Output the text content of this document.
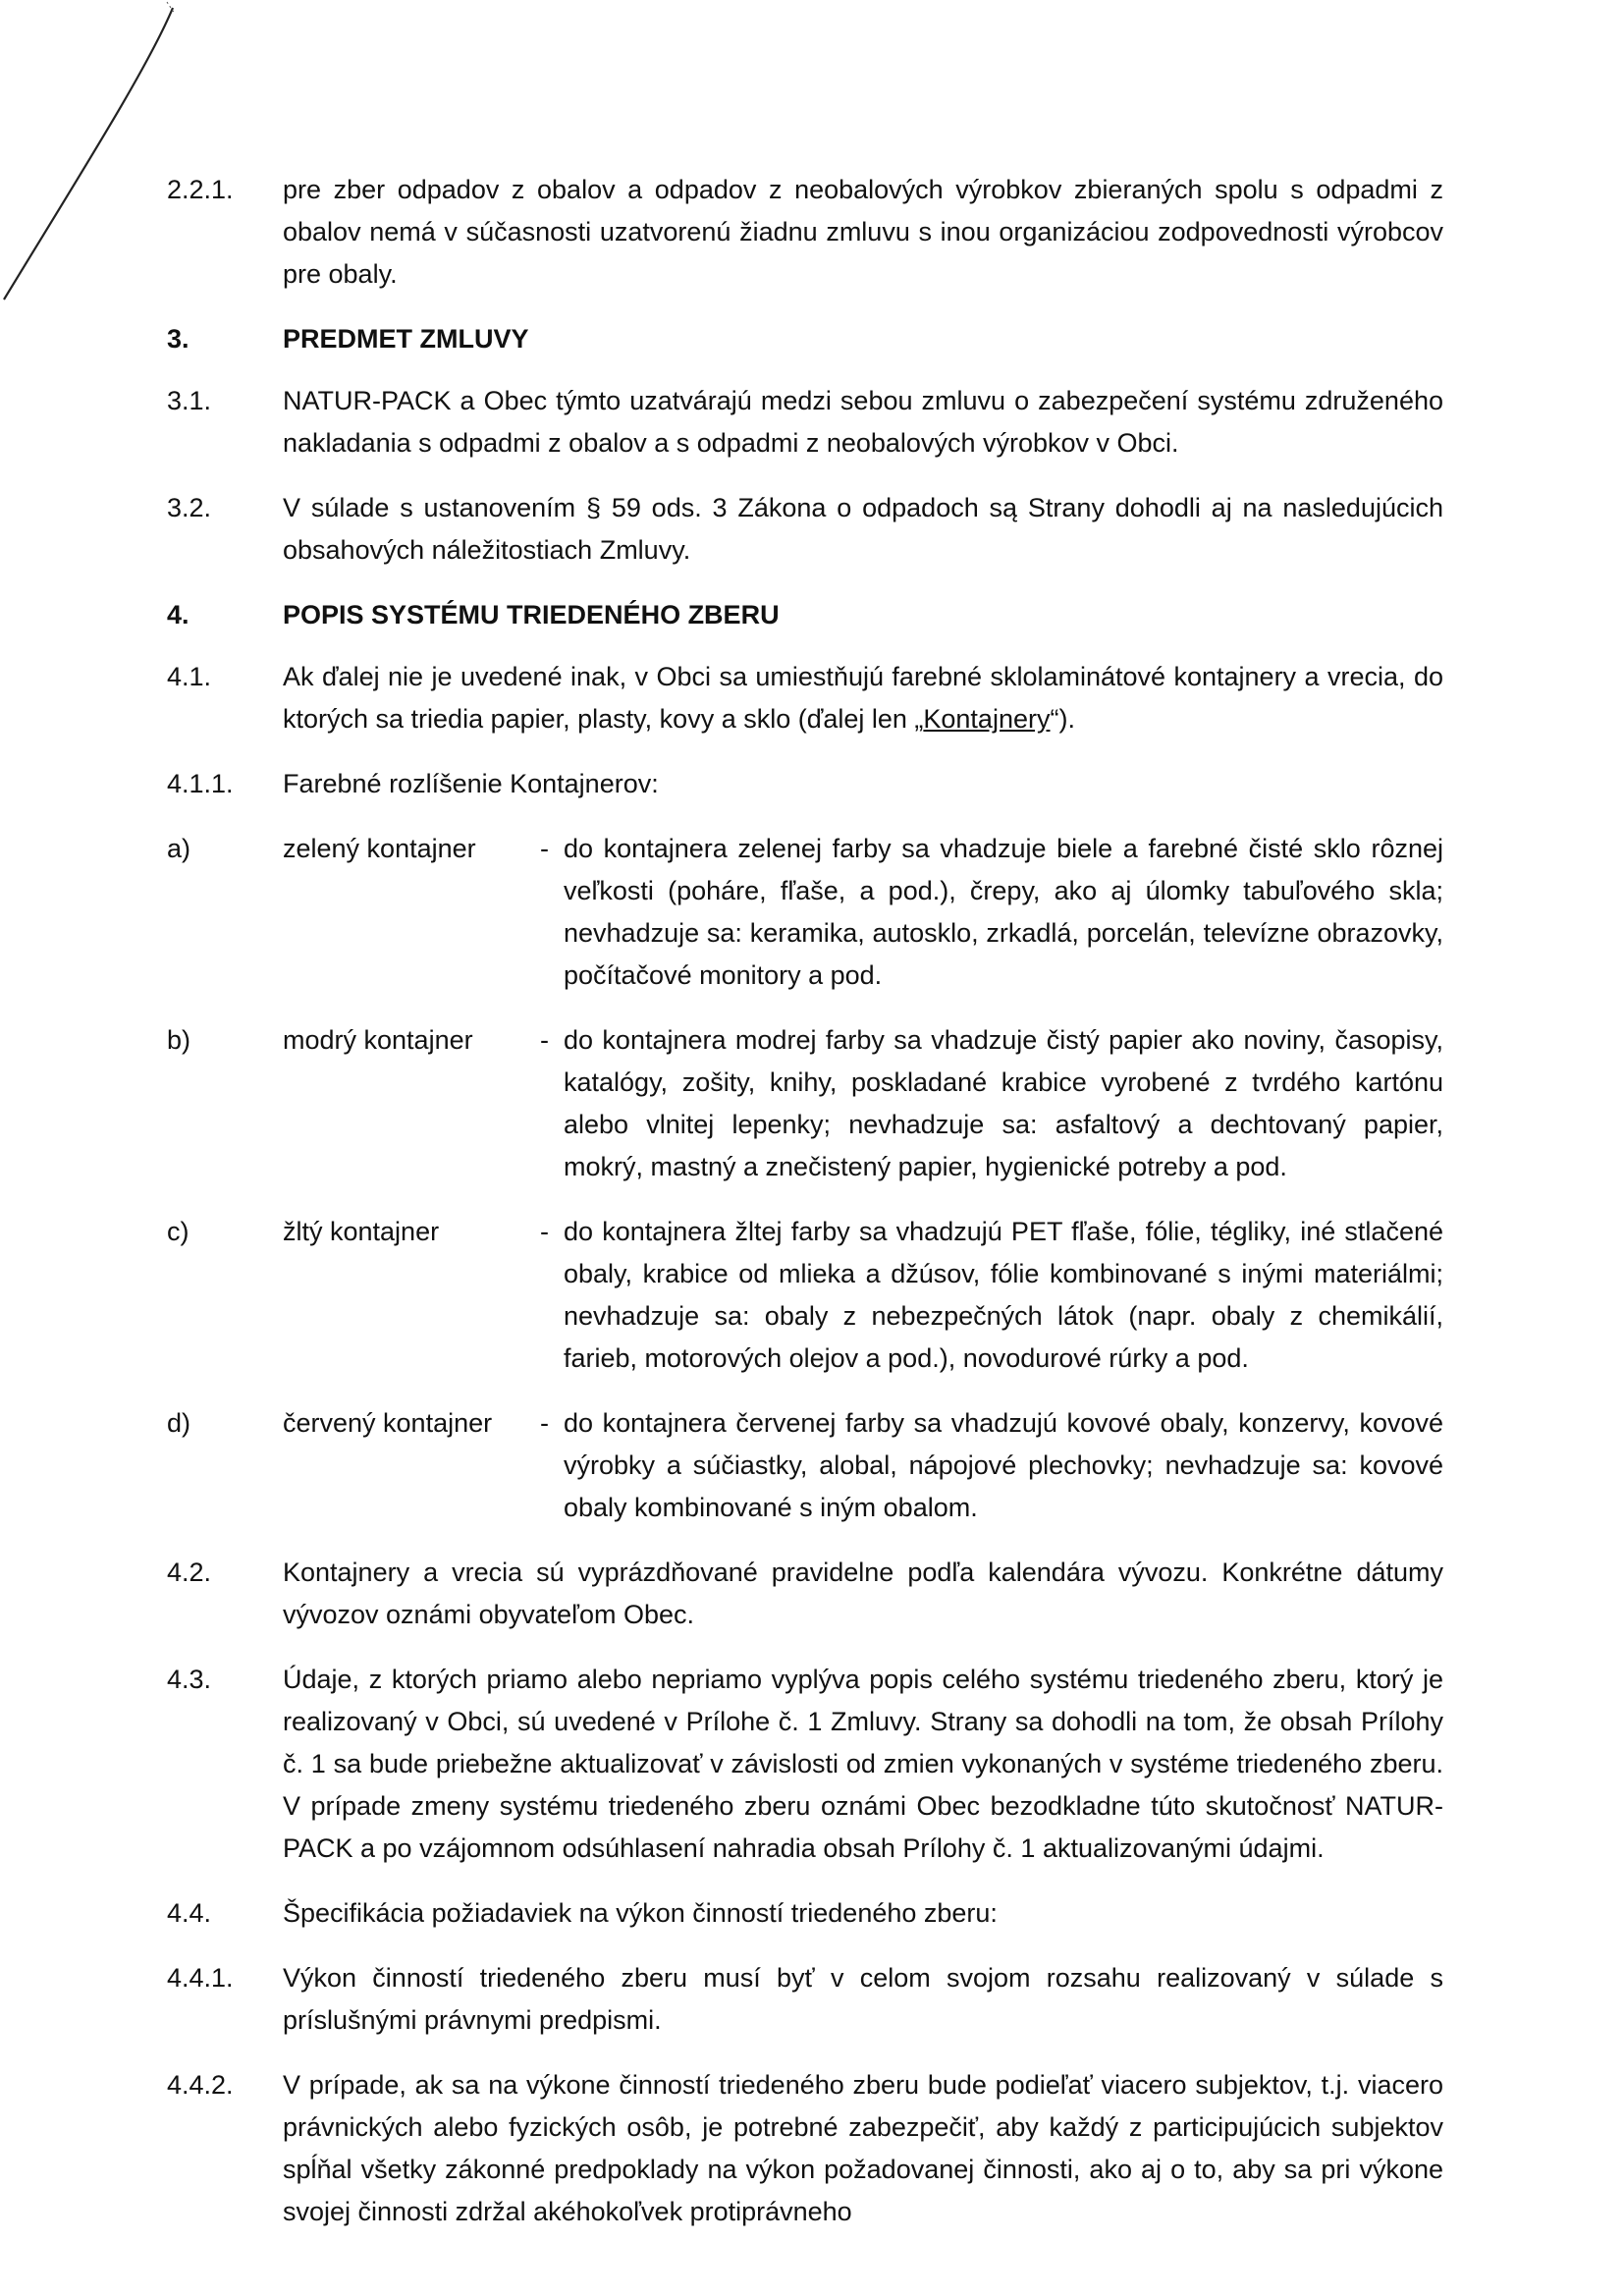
2.2.1.	pre zber odpadov z obalov a odpadov z neobalových výrobkov zbieraných spolu s odpadmi z obalov nemá v súčasnosti uzatvorenú žiadnu zmluvu s inou organizáciou zodpovednosti výrobcov pre obaly.
3.	PREDMET ZMLUVY
3.1.	NATUR-PACK a Obec týmto uzatvárajú medzi sebou zmluvu o zabezpečení systému združeného nakladania s odpadmi z obalov a s odpadmi z neobalových výrobkov v Obci.
3.2.	V súlade s ustanovením § 59 ods. 3 Zákona o odpadoch są Strany dohodli aj na nasledujúcich obsahových náležitostiach Zmluvy.
4.	POPIS SYSTÉMU TRIEDENÉHO ZBERU
4.1.	Ak ďalej nie je uvedené inak, v Obci sa umiestňujú farebné sklolaminátové kontajnery a vrecia, do ktorých sa triedia papier, plasty, kovy a sklo (ďalej len „Kontajnery“).
4.1.1.	Farebné rozlíšenie Kontajnerov:
a)	zelený kontajner	- do kontajnera zelenej farby sa vhadzuje biele a farebné čisté sklo rôznej veľkosti (poháre, fľaše, a pod.), črepy, ako aj úlomky tabuľového skla; nevhadzuje sa: keramika, autosklo, zrkadlá, porcelán, televízne obrazovky, počítačové monitory a pod.
b)	modrý kontajner	- do kontajnera modrej farby sa vhadzuje čistý papier ako noviny, časopisy, katalógy, zošity, knihy, poskladané krabice vyrobené z tvrdého kartónu alebo vlnitej lepenky; nevhadzuje sa: asfaltový a dechtovaný papier, mokrý, mastný a znečistený papier, hygienické potreby a pod.
c)	žltý kontajner	- do kontajnera žltej farby sa vhadzujú PET fľaše, fólie, tégliky, iné stlačené obaly, krabice od mlieka a džúsov, fólie kombinované s inými materiálmi; nevhadzuje sa: obaly z nebezpečných látok (napr. obaly z chemikálií, farieb, motorových olejov a pod.), novodurové rúrky a pod.
d)	červený kontajner	- do kontajnera červenej farby sa vhadzujú kovové obaly, konzervy, kovové výrobky a súčiastky, alobal, nápojové plechovky; nevhadzuje sa: kovové obaly kombinované s iným obalom.
4.2.	Kontajnery a vrecia sú vyprázdňované pravidelne podľa kalendára vývozu. Konkrétne dátumy vývozov oznámi obyvateľom Obec.
4.3.	Údaje, z ktorých priamo alebo nepriamo vyplýva popis celého systému triedeného zberu, ktorý je realizovaný v Obci, sú uvedené v Prílohe č. 1 Zmluvy. Strany sa dohodli na tom, že obsah Prílohy č. 1 sa bude priebežne aktualizovať v závislosti od zmien vykonaných v systéme triedeného zberu. V prípade zmeny systému triedeného zberu oznámi Obec bezodkladne túto skutočnosť NATUR-PACK a po vzájomnom odsúhlasení nahradia obsah Prílohy č. 1 aktualizovanými údajmi.
4.4.	Špecifikácia požiadaviek na výkon činností triedeného zberu:
4.4.1.	Výkon činností triedeného zberu musí byť v celom svojom rozsahu realizovaný v súlade s príslušnými právnymi predpismi.
4.4.2.	V prípade, ak sa na výkone činností triedeného zberu bude podieľať viacero subjektov, t.j. viacero právnických alebo fyzických osôb, je potrebné zabezpečiť, aby každý z participujúcich subjektov spĺňal všetky zákonné predpoklady na výkon požadovanej činnosti, ako aj o to, aby sa pri výkone svojej činnosti zdržal akéhokoľvek protiprávneho
